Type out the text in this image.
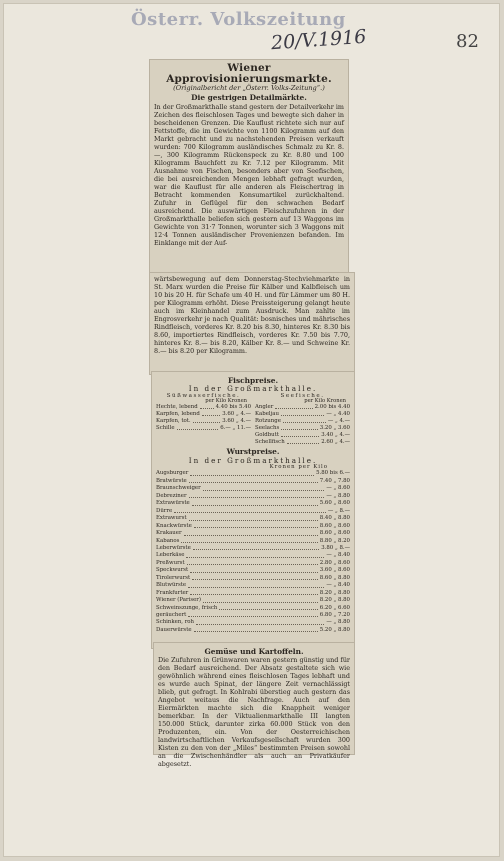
Österr. Volkszeitung
20/V.1916	82
Wiener Approvisionierungsmarkte.
(Originalbericht der „Österr. Volks-Zeitung“.)
Die gestrigen Detailmärkte.

In der Großmarkthalle stand gestern der Detailverkehr im Zeichen des fleischlosen Tages und bewegte sich daher in bescheidenen Grenzen. Die Kauflust richtete sich nur auf Fettstoffe, die im Gewichte von 1100 Kilogramm auf den Markt gebracht und zu nachstehenden Preisen verkauft wurden: 700 Kilogramm ausländisches Schmalz zu Kr. 8.—, 300 Kilogramm Rückenspeck zu Kr. 8.80 und 100 Kilogramm Bauchfett zu Kr. 7.12 per Kilogramm. Mit Ausnahme von Fischen, besonders aber von Seefischen, die bei ausreichenden Mengen lebhaft gefragt wurden, war die Kauflust für alle anderen als Fleischertrag in Betracht kommenden Konsumartikel zurückhaltend. Zufuhr in Geflügel für den schwachen Bedarf ausreichend. Die auswärtigen Fleischzufuhren in der Großmarkthalle beliefen sich gestern auf 13 Waggons im Gewichte von 31·7 Tonnen, worunter sich 3 Waggons mit 12·4 Tonnen ausländischer Provenienzen befanden. Im Einklange mit der Auf-

wärtsbewegung auf dem Donnerstag-Stechviehmarkte in St. Marx wurden die Preise für Kälber und Kalbfleisch um 10 bis 20 H. für Schafe um 40 H. und für Lämmer um 80 H. per Kilogramm erhöht. Diese Preissteigerung gelangt heute auch im Kleinhandel zum Ausdruck. Man zahlte im Engrosverkehr je nach Qualität: bosnisches und mährisches Rindfleisch, vorderes Kr. 8.20 bis 8.30, hinteres Kr. 8.30 bis 8.60, importiertes Rindfleisch, vorderes Kr. 7.50 bis 7.70, hinteres Kr. 8.— bis 8.20, Kälber Kr. 8.— und Schweine Kr. 8.— bis 8.20 per Kilogramm.

Fischpreise.
In der Großmarkthalle.
Süßwasserfische.
per Kilo Kronen
Hechte, lebend	4.40 bis 5.40
Karpfen, lebend	3.60 „ 4.—
Karpfen, tot.	3.60 „ 4.—
Schille	6.— „ 11.—
Seefische.
per Kilo Kronen
Angler	2.00 bis 4.40
Kabeljau	— „ 4.40
Rotzunge	— „ 4.—
Seelachs	3.20 „ 3.60
Goldbutt	3.40 „ 4.—
Schellfisch	2.60 „ 4.—
Wurstpreise.
In der Großmarkthalle.
Kronen per Kilo
Augsburger	5.80 bis 6.—
Bratwürste	7.40 „ 7.80
Braunschweiger	— „ 8.60
Debreziner	— „ 8.80
Extrawürste	5.60 „ 8.60
Dürre	— „ 8.—
Extrawurst	8.40 „ 8.80
Knackwürste	8.60 „ 8.60
Krakauer	8.60 „ 8.60
Kabanos	8.80 „ 8.20
Leberwürste	3.80 „ 8.—
Leberkäse	— „ 8.40
Preßwurst	2.80 „ 8.60
Speckwurst	3.60 „ 8.60
Tirolerwurst	8.60 „ 8.80
Blutwürste	— „ 8.40
Frankfurter	8.20 „ 8.80
Wiener (Pariser)	8.20 „ 8.80
Schweinszunge, frisch	6.20 „ 6.60
geräuchert	6.80 „ 7.20
Schinken, roh	— „ 8.80
Dauerwürste	5.20 „ 8.80
Gemüse und Kartoffeln.

Die Zufuhren in Grünwaren waren gestern günstig und für den Bedarf ausreichend. Der Absatz gestaltete sich wie gewöhnlich während eines fleischlosen Tages lebhaft und es wurde auch Spinat, der längere Zeit vernachlässigt blieb, gut gefragt. In Kohlrabi überstieg auch gestern das Angebot weitaus die Nachfrage. Auch auf den Eiermärkten machte sich die Knappheit weniger bemerkbar. In der Viktualienmarkthalle III langten 150.000 Stück, darunter zirka 60.000 Stück von den Produzenten, ein. Von der Oesterreichischen landwirtschaftlichen Verkaufsgesellschaft wurden 300 Kisten zu den von der „Miles“ bestimmten Preisen sowohl an die Zwischenhändler als auch an Privatkäufer abgesetzt.
